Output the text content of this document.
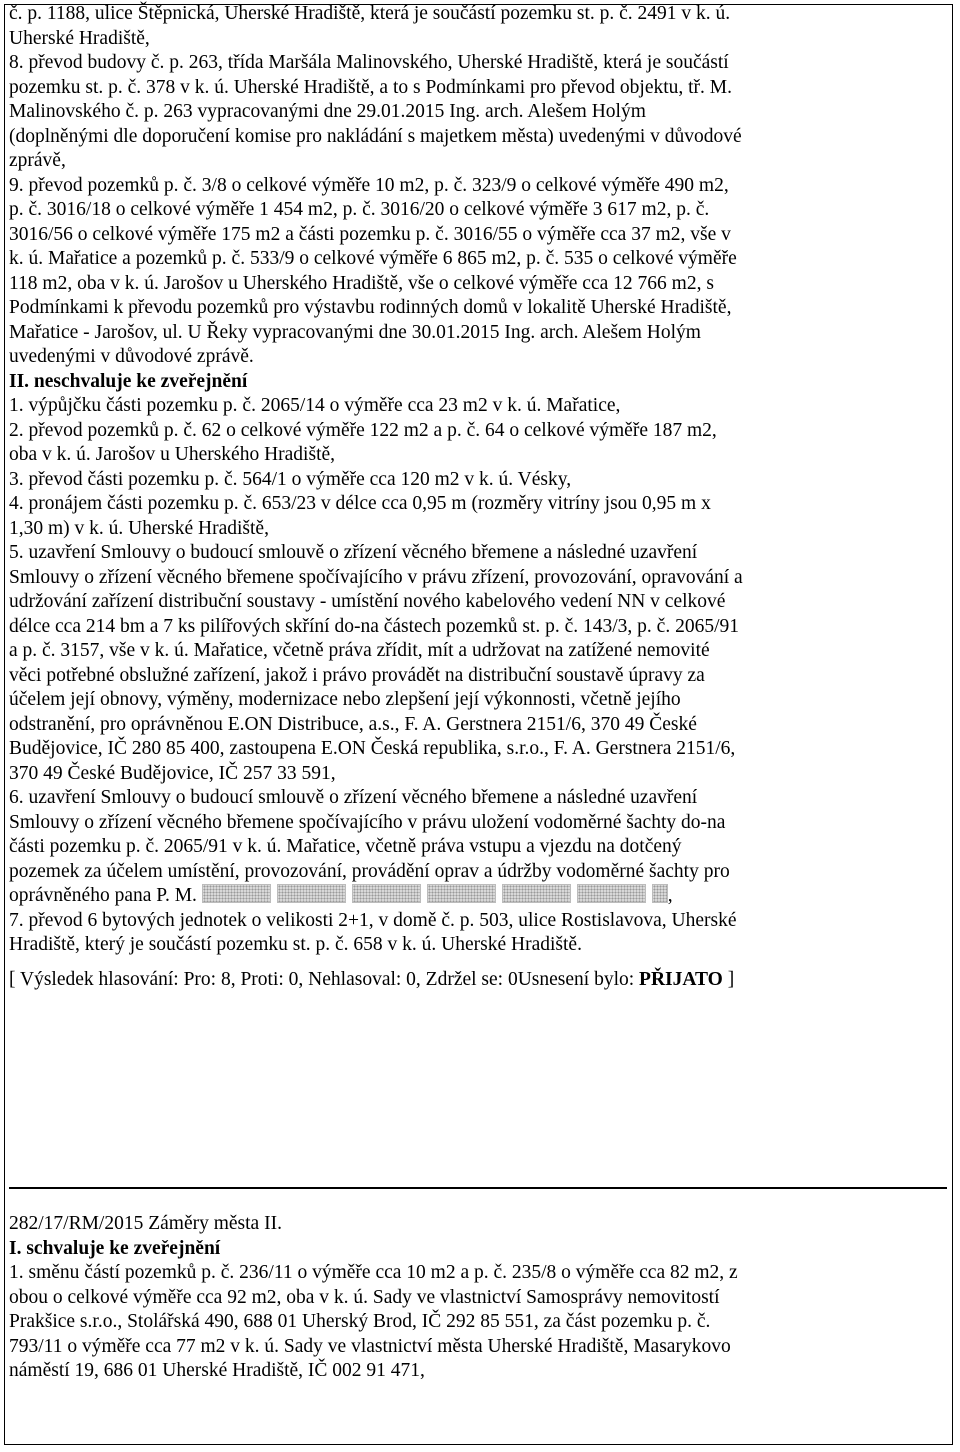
č. p. 1188, ulice Štěpnická, Uherské Hradiště, která je součástí pozemku st. p. č. 2491 v k. ú.
Uherské Hradiště,
8. převod budovy č. p. 263, třída Maršála Malinovského, Uherské Hradiště, která je součástí
pozemku st. p. č. 378 v k. ú. Uherské Hradiště, a to s Podmínkami pro převod objektu, tř. M.
Malinovského č. p. 263 vypracovanými dne 29.01.2015 Ing. arch. Alešem Holým
(doplněnými dle doporučení komise pro nakládání s majetkem města) uvedenými v důvodové
zprávě,
9. převod pozemků p. č. 3/8 o celkové výměře 10 m2, p. č. 323/9 o celkové výměře 490 m2,
p. č. 3016/18 o celkové výměře 1 454 m2, p. č. 3016/20 o celkové výměře 3 617 m2, p. č.
3016/56 o celkové výměře 175 m2 a části pozemku p. č. 3016/55 o výměře cca 37 m2, vše v
k. ú. Mařatice a pozemků p. č. 533/9 o celkové výměře 6 865 m2, p. č. 535 o celkové výměře
118 m2, oba v k. ú. Jarošov u Uherského Hradiště, vše o celkové výměře cca 12 766 m2, s
Podmínkami k převodu pozemků pro výstavbu rodinných domů v lokalitě Uherské Hradiště,
Mařatice - Jarošov, ul. U Řeky vypracovanými dne 30.01.2015 Ing. arch. Alešem Holým
uvedenými v důvodové zprávě.
II. neschvaluje ke zveřejnění
1. výpůjčku části pozemku p. č. 2065/14 o výměře cca 23 m2 v k. ú. Mařatice,
2. převod pozemků p. č. 62 o celkové výměře 122 m2 a p. č. 64 o celkové výměře 187 m2,
oba v k. ú. Jarošov u Uherského Hradiště,
3. převod části pozemku p. č. 564/1 o výměře cca 120 m2 v k. ú. Vésky,
4. pronájem části pozemku p. č. 653/23 v délce cca 0,95 m (rozměry vitríny jsou 0,95 m x
1,30 m) v k. ú. Uherské Hradiště,
5. uzavření Smlouvy o budoucí smlouvě o zřízení věcného břemene a následné uzavření
Smlouvy o zřízení věcného břemene spočívajícího v právu zřízení, provozování, opravování a
udržování zařízení distribuční soustavy - umístění nového kabelového vedení NN v celkové
délce cca 214 bm a 7 ks pilířových skříní do-na částech pozemků st. p. č. 143/3, p. č. 2065/91
a p. č. 3157, vše v k. ú. Mařatice, včetně práva zřídit, mít a udržovat na zatížené nemovité
věci potřebné obslužné zařízení, jakož i právo provádět na distribuční soustavě úpravy za
účelem její obnovy, výměny, modernizace nebo zlepšení její výkonnosti, včetně jejího
odstranění, pro oprávněnou E.ON Distribuce, a.s., F. A. Gerstnera 2151/6, 370 49 České
Budějovice, IČ 280 85 400, zastoupena E.ON Česká republika, s.r.o., F. A. Gerstnera 2151/6,
370 49 České Budějovice, IČ 257 33 591,
6. uzavření Smlouvy o budoucí smlouvě o zřízení věcného břemene a následné uzavření
Smlouvy o zřízení věcného břemene spočívajícího v právu uložení vodoměrné šachty do-na
části pozemku p. č. 2065/91 v k. ú. Mařatice, včetně práva vstupu a vjezdu na dotčený
pozemek za účelem umístění, provozování, provádění oprav a údržby vodoměrné šachty pro
oprávněného pana P. M.	,
7. převod 6 bytových jednotek o velikosti 2+1, v domě č. p. 503, ulice Rostislavova, Uherské
Hradiště, který je součástí pozemku st. p. č. 658 v k. ú. Uherské Hradiště.
[ Výsledek hlasování: Pro: 8, Proti: 0, Nehlasoval: 0, Zdržel se: 0Usnesení bylo: PŘIJATO ]
282/17/RM/2015 Záměry města II.
I. schvaluje ke zveřejnění
1. směnu částí pozemků p. č. 236/11 o výměře cca 10 m2 a p. č. 235/8 o výměře cca 82 m2, z
obou o celkové výměře cca 92 m2, oba v k. ú. Sady ve vlastnictví Samosprávy nemovitostí
Prakšice s.r.o., Stolářská 490, 688 01 Uherský Brod, IČ 292 85 551, za část pozemku p. č.
793/11 o výměře cca 77 m2 v k. ú. Sady ve vlastnictví města Uherské Hradiště, Masarykovo
náměstí 19, 686 01 Uherské Hradiště, IČ 002 91 471,
